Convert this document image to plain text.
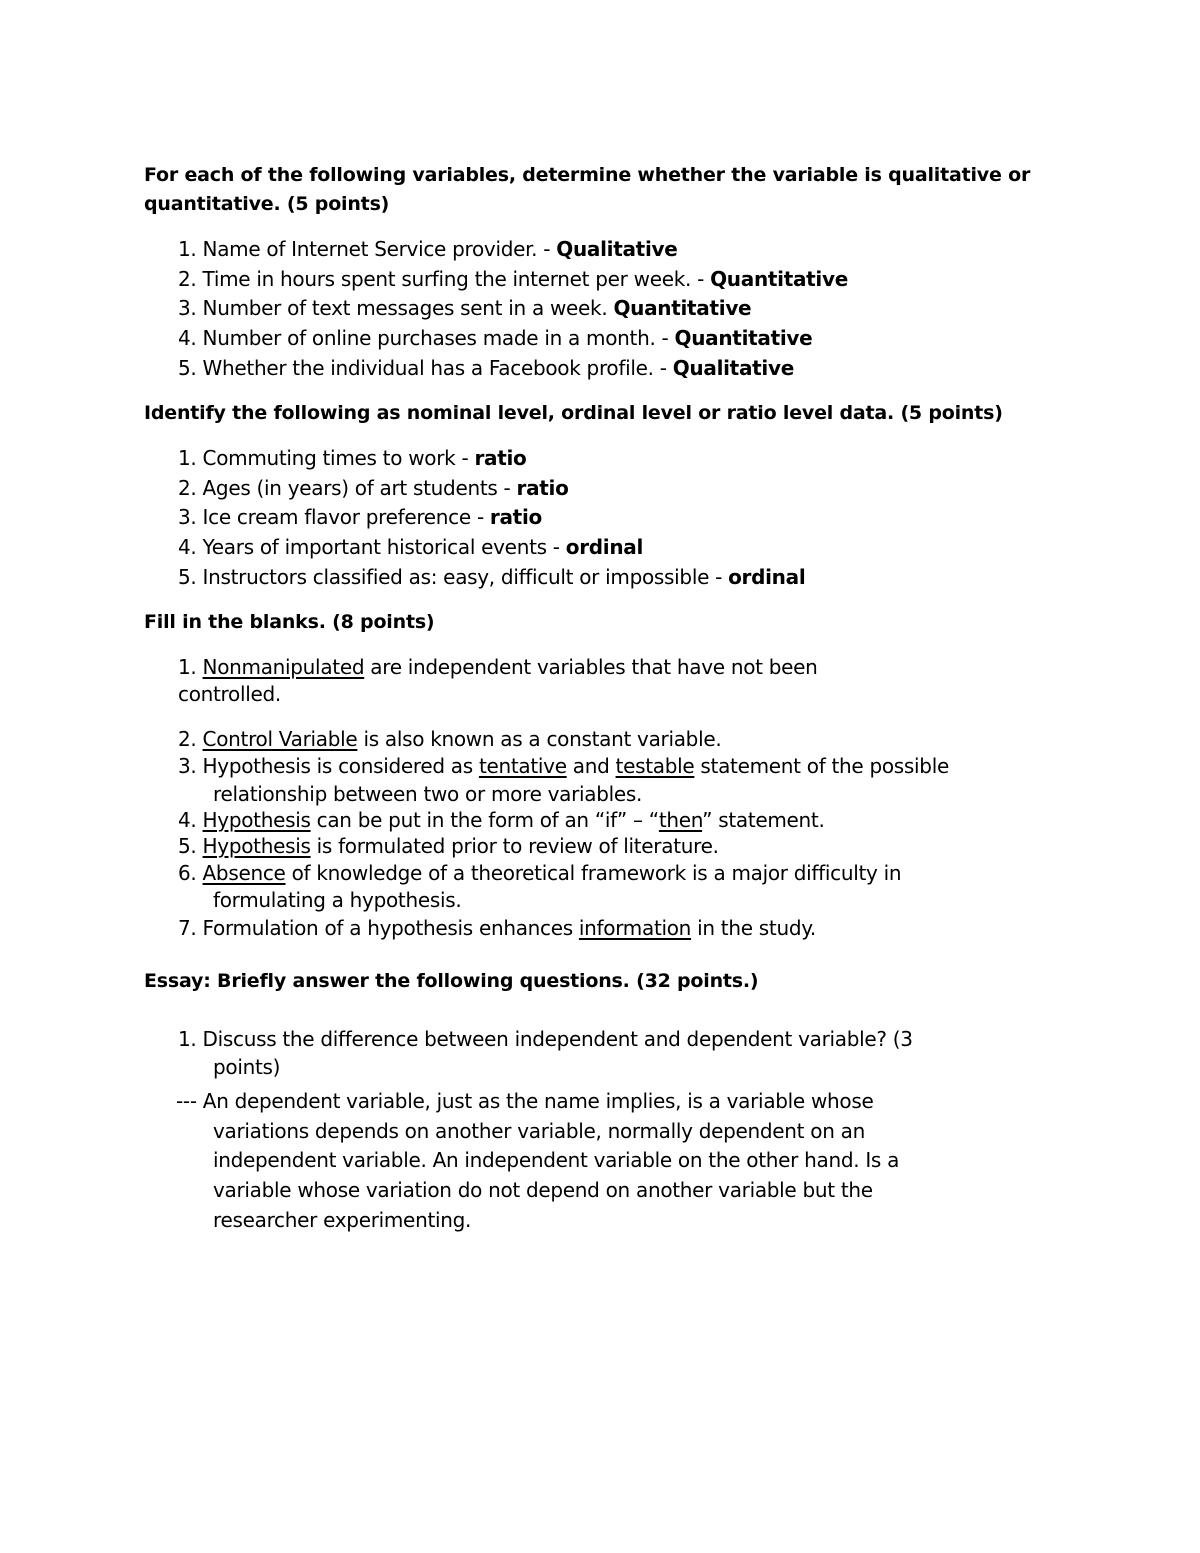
For each of the following variables, determine whether the variable is qualitative or
quantitative. (5 points)
1. Name of Internet Service provider. - Qualitative
2. Time in hours spent surfing the internet per week. - Quantitative
3. Number of text messages sent in a week. Quantitative
4. Number of online purchases made in a month. - Quantitative
5. Whether the individual has a Facebook profile. - Qualitative
Identify the following as nominal level, ordinal level or ratio level data. (5 points)
1. Commuting times to work - ratio
2. Ages (in years) of art students - ratio
3. Ice cream flavor preference - ratio
4. Years of important historical events - ordinal
5. Instructors classified as: easy, difficult or impossible - ordinal
Fill in the blanks. (8 points)
1. Nonmanipulated are independent variables that have not been
controlled.
2. Control Variable is also known as a constant variable.
3. Hypothesis is considered as tentative and testable statement of the possible
relationship between two or more variables.
4. Hypothesis can be put in the form of an “if” – “then” statement.
5. Hypothesis is formulated prior to review of literature.
6. Absence of knowledge of a theoretical framework is a major difficulty in
formulating a hypothesis.
7. Formulation of a hypothesis enhances information in the study.
Essay: Briefly answer the following questions. (32 points.)
1. Discuss the difference between independent and dependent variable? (3
points)
--- An dependent variable, just as the name implies, is a variable whose
variations depends on another variable, normally dependent on an
independent variable. An independent variable on the other hand. Is a
variable whose variation do not depend on another variable but the
researcher experimenting.
